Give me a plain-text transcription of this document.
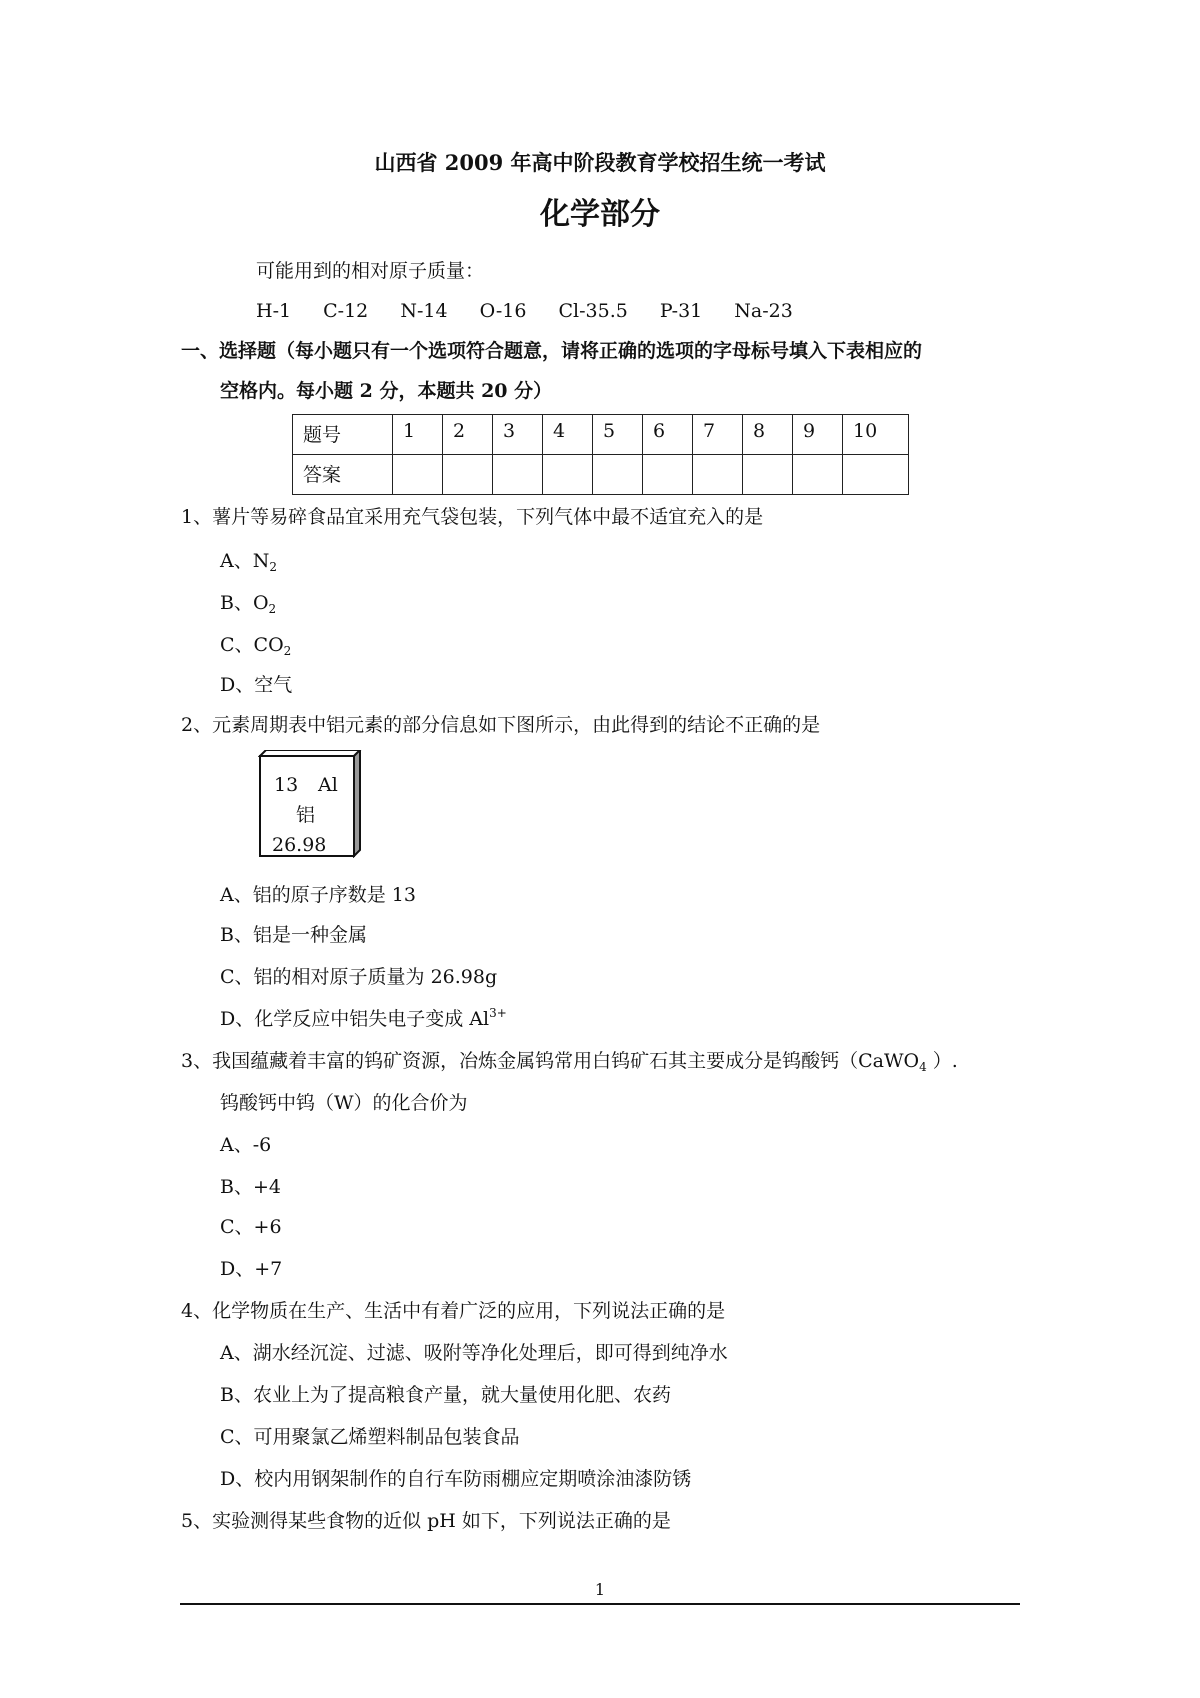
山西省 2009 年高中阶段教育学校招生统一考试
化学部分
可能用到的相对原子质量：
H-1 C-12 N-14 O-16 Cl-35.5 P-31 Na-23
一、选择题（每小题只有一个选项符合题意，请将正确的选项的字母标号填入下表相应的
空格内。每小题 2 分，本题共 20 分）
题号	1	2	3	4	5	6	7	8	9	10
答案										
1、薯片等易碎食品宜采用充气袋包装，下列气体中最不适宜充入的是
A、$N_2$
B、$O_2$
C、$CO_2$
D、空气
2、元素周期表中铝元素的部分信息如下图所示，由此得到的结论不正确的是
13 Al
铝
26.98
A、铝的原子序数是 13
B、铝是一种金属
C、铝的相对原子质量为 26.98g
D、化学反应中铝失电子变成 $Al^{3+}$
3、我国蕴藏着丰富的钨矿资源，冶炼金属钨常用白钨矿石其主要成分是钨酸钙（CaWO$_4$ ）.
钨酸钙中钨（W）的化合价为
A、-6
B、+4
C、+6
D、+7
4、化学物质在生产、生活中有着广泛的应用，下列说法正确的是
A、湖水经沉淀、过滤、吸附等净化处理后，即可得到纯净水
B、农业上为了提高粮食产量，就大量使用化肥、农药
C、可用聚氯乙烯塑料制品包装食品
D、校内用钢架制作的自行车防雨棚应定期喷涂油漆防锈
5、实验测得某些食物的近似 pH 如下，下列说法正确的是
1
